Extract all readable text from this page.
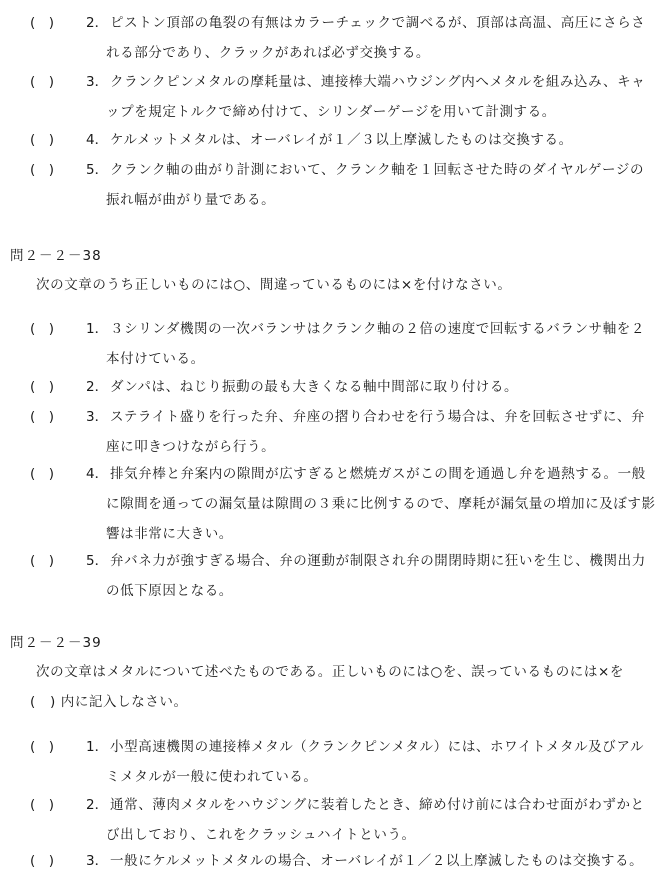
(　)	2． ピストン頂部の亀裂の有無はカラーチェックで調べるが、頂部は高温、高圧にさらさ
れる部分であり、クラックがあれば必ず交換する。
(　)	3． クランクピンメタルの摩耗量は、連接棒大端ハウジング内へメタルを組み込み、キャ
ップを規定トルクで締め付けて、シリンダーゲージを用いて計測する。
(　)	4． ケルメットメタルは、オーバレイが１／３以上摩滅したものは交換する。
(　)	5． クランク軸の曲がり計測において、クランク軸を１回転させた時のダイヤルゲージの
振れ幅が曲がり量である。
問２－２－38
次の文章のうち正しいものには○、間違っているものには×を付けなさい。
(　)	1． ３シリンダ機関の一次バランサはクランク軸の２倍の速度で回転するバランサ軸を２
本付けている。
(　)	2． ダンパは、ねじり振動の最も大きくなる軸中間部に取り付ける。
(　)	3． ステライト盛りを行った弁、弁座の摺り合わせを行う場合は、弁を回転させずに、弁
座に叩きつけながら行う。
(　)	4． 排気弁棒と弁案内の隙間が広すぎると燃焼ガスがこの間を通過し弁を過熱する。一般
に隙間を通っての漏気量は隙間の３乗に比例するので、摩耗が漏気量の増加に及ぼす影
響は非常に大きい。
(　)	5． 弁バネ力が強すぎる場合、弁の運動が制限され弁の開閉時期に狂いを生じ、機関出力
の低下原因となる。
問２－２－39
次の文章はメタルについて述べたものである。正しいものには○を、誤っているものには×を
(　) 内に記入しなさい。
(　)	1． 小型高速機関の連接棒メタル（クランクピンメタル）には、ホワイトメタル及びアル
ミメタルが一般に使われている。
(　)	2． 通常、薄肉メタルをハウジングに装着したとき、締め付け前には合わせ面がわずかと
び出しており、これをクラッシュハイトという。
(　)	3． 一般にケルメットメタルの場合、オーバレイが１／２以上摩滅したものは交換する。
